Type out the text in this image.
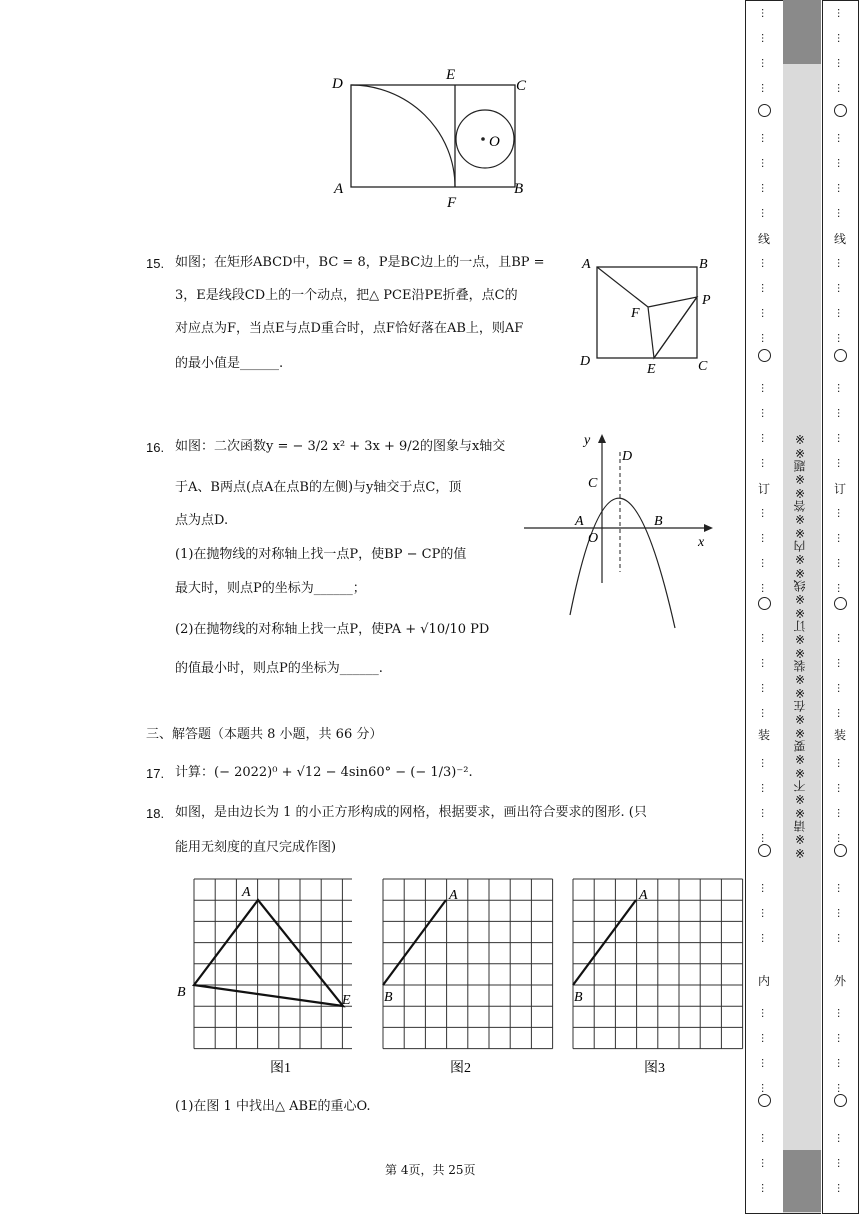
D
E
C
A
F
B
O
15. 如图；在矩形ABCD中，BC = 8，P是BC边上的一点，且BP =
3，E是线段CD上的一个动点，把△ PCE沿PE折叠，点C的
对应点为F，当点E与点D重合时，点F恰好落在AB上，则AF
的最小值是______.
A	B
P
F
D
E	C
16. 如图：二次函数y = − 3/2 x² + 3x + 9/2的图象与x轴交
于A、B两点(点A在点B的左侧)与y轴交于点C，顶
点为点D.
(1)在抛物线的对称轴上找一点P，使BP − CP的值
最大时，则点P的坐标为______；
(2)在抛物线的对称轴上找一点P，使PA + √10/10 PD
的值最小时，则点P的坐标为______.
y
x
D
C
A
O
B
三、解答题（本题共 8 小题，共 66 分）
17. 计算：(− 2022)⁰ + √12 − 4sin60° − (− 1/3)⁻².
18. 如图，是由边长为 1 的小正方形构成的网格，根据要求，画出符合要求的图形. (只
能用无刻度的直尺完成作图)
A
B
E
图1
A
B
图2
A
B
图3
(1)在图 1 中找出△ ABE的重心O.
第 4页，共 25页
…
…
…
…
…
…
…
…
…
…
…
…
…
…
…
…
…
…
…
…
…
…
…
…
…
…
…
…
…
…
…
…
…
…
…
…
…
…
…
…
…
…
…
…
…
…
…
…
…
…
…
…
…
…
…
…
…
…
…
…
…
…
…
…
…
…
…
…
…
…
…
…
…
…
…
…
线
订
装
内
线
订
装
外
※※请※※不※※要※※在※※装※※订※※线※※内※※答※※题※※
